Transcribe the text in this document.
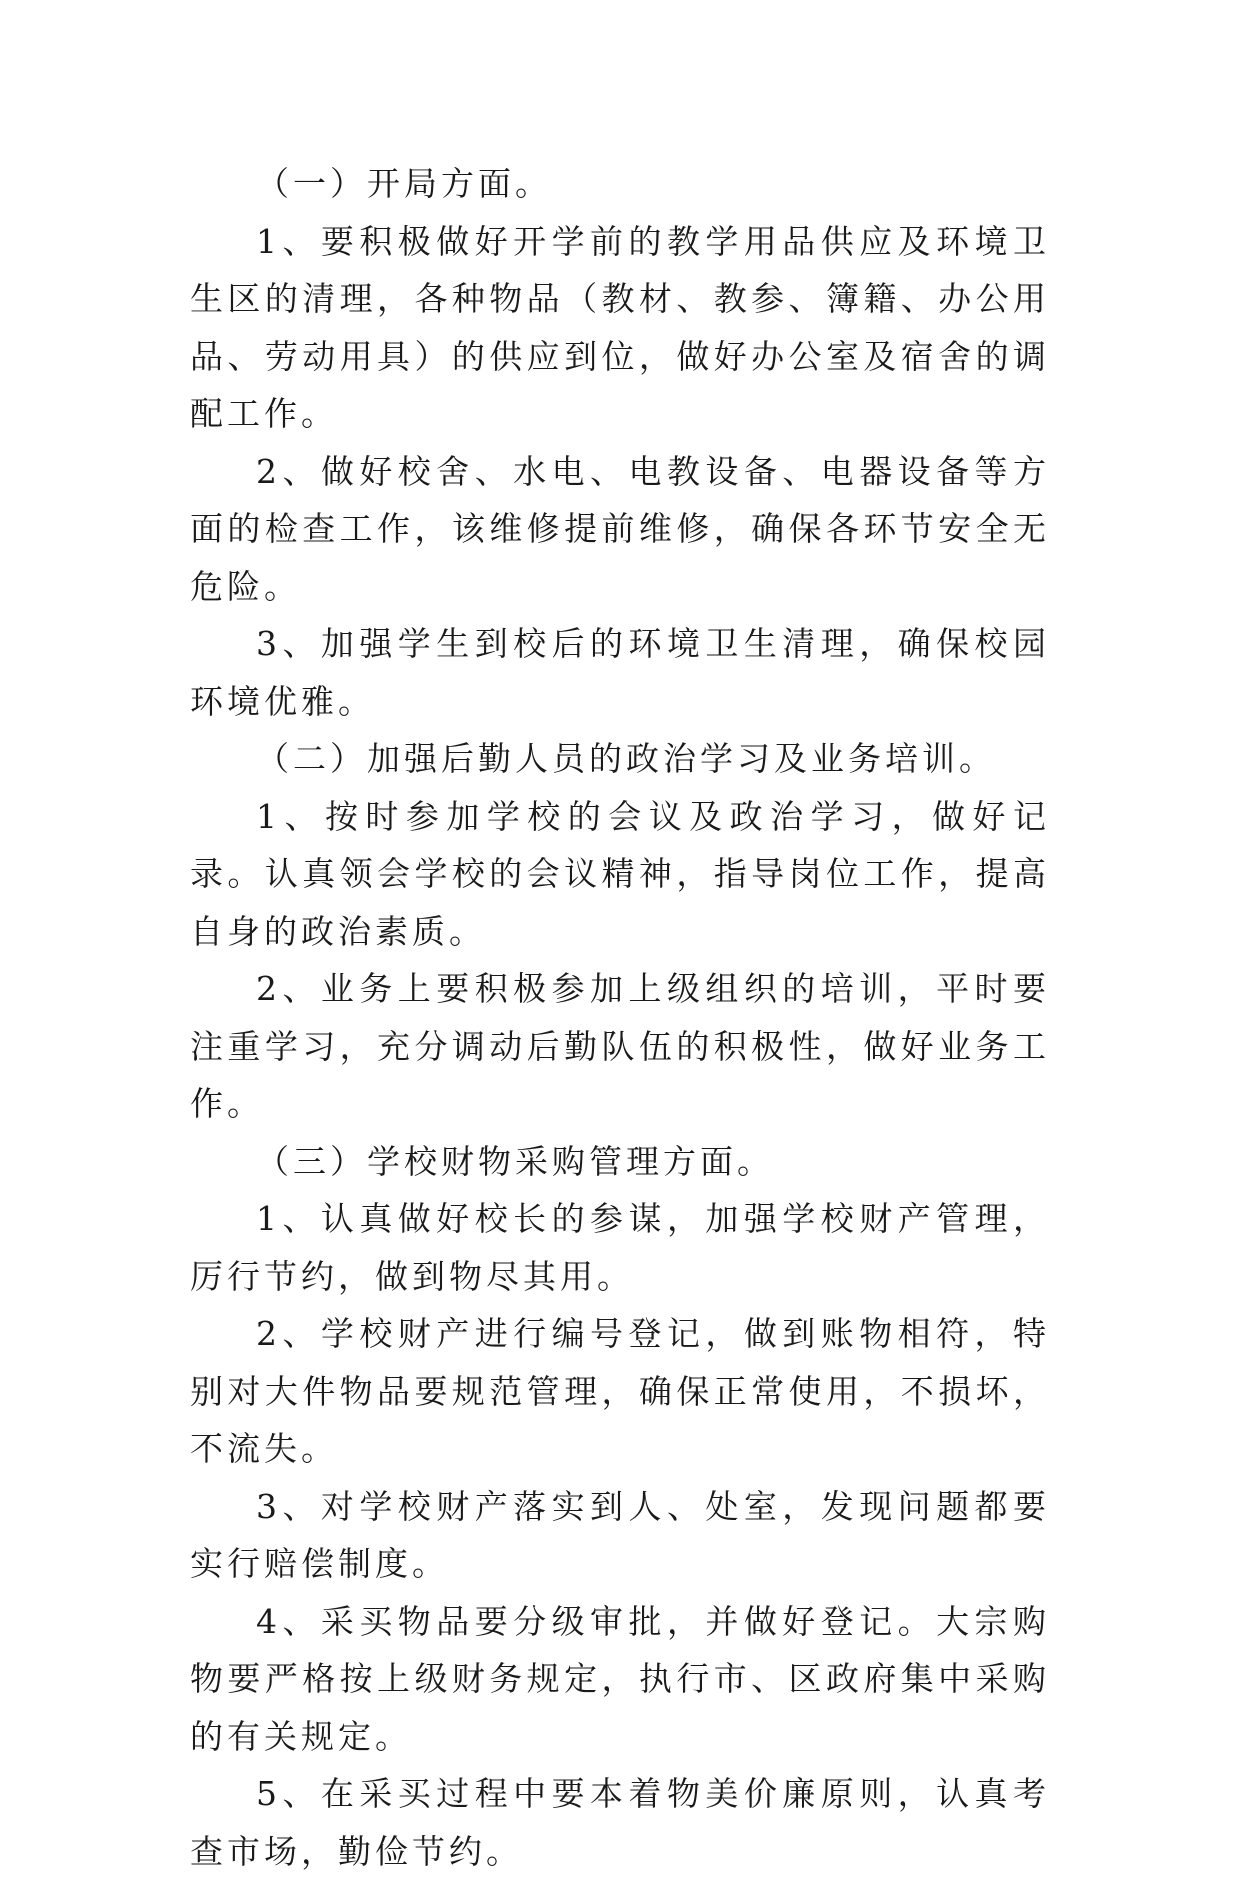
（一）开局方面。

1、要积极做好开学前的教学用品供应及环境卫生区的清理，各种物品（教材、教参、簿籍、办公用品、劳动用具）的供应到位，做好办公室及宿舍的调配工作。

2、做好校舍、水电、电教设备、电器设备等方面的检查工作，该维修提前维修，确保各环节安全无危险。

3、加强学生到校后的环境卫生清理，确保校园环境优雅。

（二）加强后勤人员的政治学习及业务培训。

1、按时参加学校的会议及政治学习，做好记录。认真领会学校的会议精神，指导岗位工作，提高自身的政治素质。

2、业务上要积极参加上级组织的培训，平时要注重学习，充分调动后勤队伍的积极性，做好业务工作。

（三）学校财物采购管理方面。

1、认真做好校长的参谋，加强学校财产管理，厉行节约，做到物尽其用。

2、学校财产进行编号登记，做到账物相符，特别对大件物品要规范管理，确保正常使用，不损坏，不流失。

3、对学校财产落实到人、处室，发现问题都要实行赔偿制度。

4、采买物品要分级审批，并做好登记。大宗购物要严格按上级财务规定，执行市、区政府集中采购的有关规定。

5、在采买过程中要本着物美价廉原则，认真考查市场，勤俭节约。
